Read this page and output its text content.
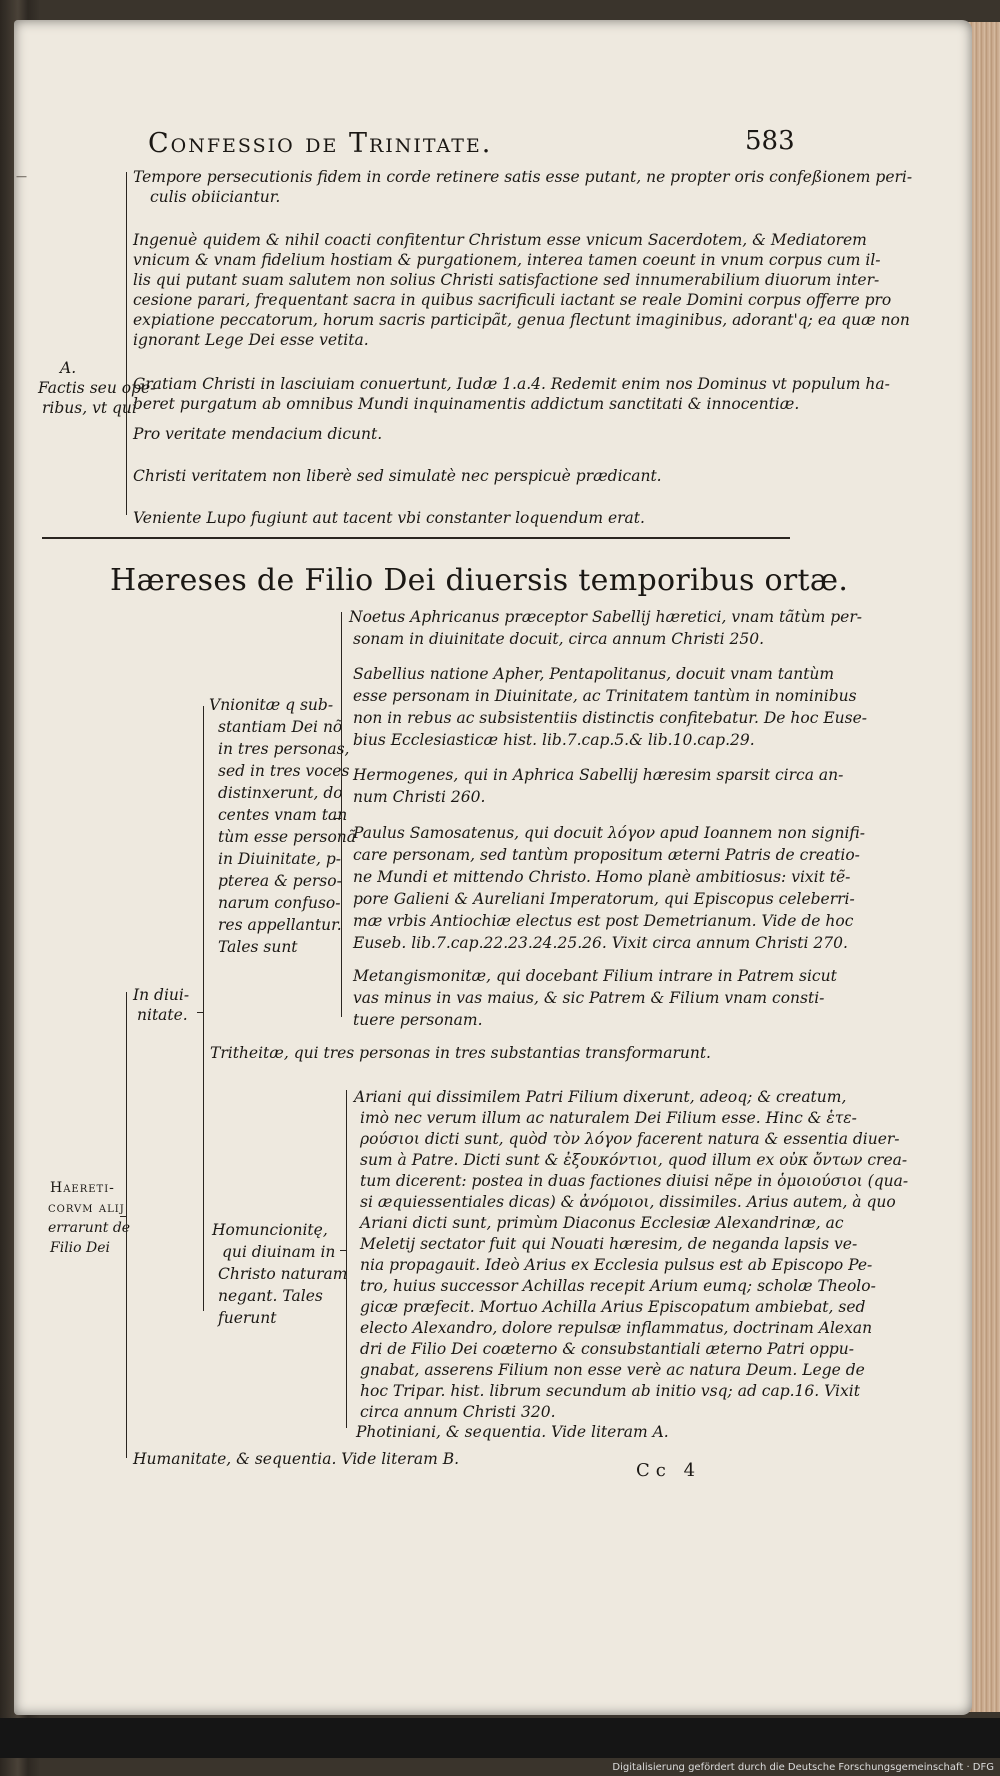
Digitalisierung gefördert durch die Deutsche Forschungsgemeinschaft · DFG
Confessio de Trinitate.	583
—
A.
Factis seu ope-
ribus, vt qui
Tempore persecutionis fidem in corde retinere satis esse putant, ne propter oris confeßionem peri-
culis obiiciantur.
Ingenuè quidem & nihil coacti confitentur Christum esse vnicum Sacerdotem, & Mediatorem
vnicum & vnam fidelium hostiam & purgationem, interea tamen coeunt in vnum corpus cum il-
lis qui putant suam salutem non solius Christi satisfactione sed innumerabilium diuorum inter-
cesione parari, frequentant sacra in quibus sacrificuli iactant se reale Domini corpus offerre pro
expiatione peccatorum, horum sacris participãt, genua flectunt imaginibus, adorant'q; ea quæ non
ignorant Lege Dei esse vetita.
Gratiam Christi in lasciuiam conuertunt, Iudæ 1.a.4. Redemit enim nos Dominus vt populum ha-
beret purgatum ab omnibus Mundi inquinamentis addictum sanctitati & innocentiæ.
Pro veritate mendacium dicunt.
Christi veritatem non liberè sed simulatè nec perspicuè prædicant.
Veniente Lupo fugiunt aut tacent vbi constanter loquendum erat.
Hæreses de Filio Dei diuersis temporibus ortæ.
Haereti-
corvm alij
errarunt de
Filio Dei
In diui-
nitate.
Vnionitæ q sub-
stantiam Dei nõ
in tres personas,
sed in tres voces
distinxerunt, do
centes vnam tan
tùm esse personã
in Diuinitate, p-
pterea & perso-
narum confuso-
res appellantur.
Tales sunt
Noetus Aphricanus præceptor Sabellij hæretici, vnam tãtùm per-
sonam in diuinitate docuit, circa annum Christi 250.
Sabellius natione Apher, Pentapolitanus, docuit vnam tantùm
esse personam in Diuinitate, ac Trinitatem tantùm in nominibus
non in rebus ac subsistentiis distinctis confitebatur. De hoc Euse-
bius Ecclesiasticæ hist. lib.7.cap.5.& lib.10.cap.29.
Hermogenes, qui in Aphrica Sabellij hæresim sparsit circa an-
num Christi 260.
Paulus Samosatenus, qui docuit λόγον apud Ioannem non signifi-
care personam, sed tantùm propositum æterni Patris de creatio-
ne Mundi et mittendo Christo. Homo planè ambitiosus: vixit tẽ-
pore Galieni & Aureliani Imperatorum, qui Episcopus celeberri-
mæ vrbis Antiochiæ electus est post Demetrianum. Vide de hoc
Euseb. lib.7.cap.22.23.24.25.26. Vixit circa annum Christi 270.
Metangismonitæ, qui docebant Filium intrare in Patrem sicut
vas minus in vas maius, & sic Patrem & Filium vnam consti-
tuere personam.
Tritheitæ, qui tres personas in tres substantias transformarunt.
Homuncionitę,
qui diuinam in
Christo naturam
negant. Tales
fuerunt
Ariani qui dissimilem Patri Filium dixerunt, adeoq; & creatum,
imò nec verum illum ac naturalem Dei Filium esse. Hinc & ἑτε-
ρούσιοι dicti sunt, quòd τὸν λόγον facerent natura & essentia diuer-
sum à Patre. Dicti sunt & ἐξουκόντιοι, quod illum ex οὐκ ὄντων crea-
tum dicerent: postea in duas factiones diuisi nẽpe in ὁμοιούσιοι (qua-
si æquiessentiales dicas) & ἀνόμοιοι, dissimiles. Arius autem, à quo
Ariani dicti sunt, primùm Diaconus Ecclesiæ Alexandrinæ, ac
Meletij sectator fuit qui Nouati hæresim, de neganda lapsis ve-
nia propagauit. Ideò Arius ex Ecclesia pulsus est ab Episcopo Pe-
tro, huius successor Achillas recepit Arium eumq; scholæ Theolo-
gicæ præfecit. Mortuo Achilla Arius Episcopatum ambiebat, sed
electo Alexandro, dolore repulsæ inflammatus, doctrinam Alexan
dri de Filio Dei coæterno & consubstantiali æterno Patri oppu-
gnabat, asserens Filium non esse verè ac natura Deum. Lege de
hoc Tripar. hist. librum secundum ab initio vsq; ad cap.16. Vixit
circa annum Christi 320.
Photiniani, & sequentia. Vide literam A.
Humanitate, & sequentia. Vide literam B.
Cc 4
